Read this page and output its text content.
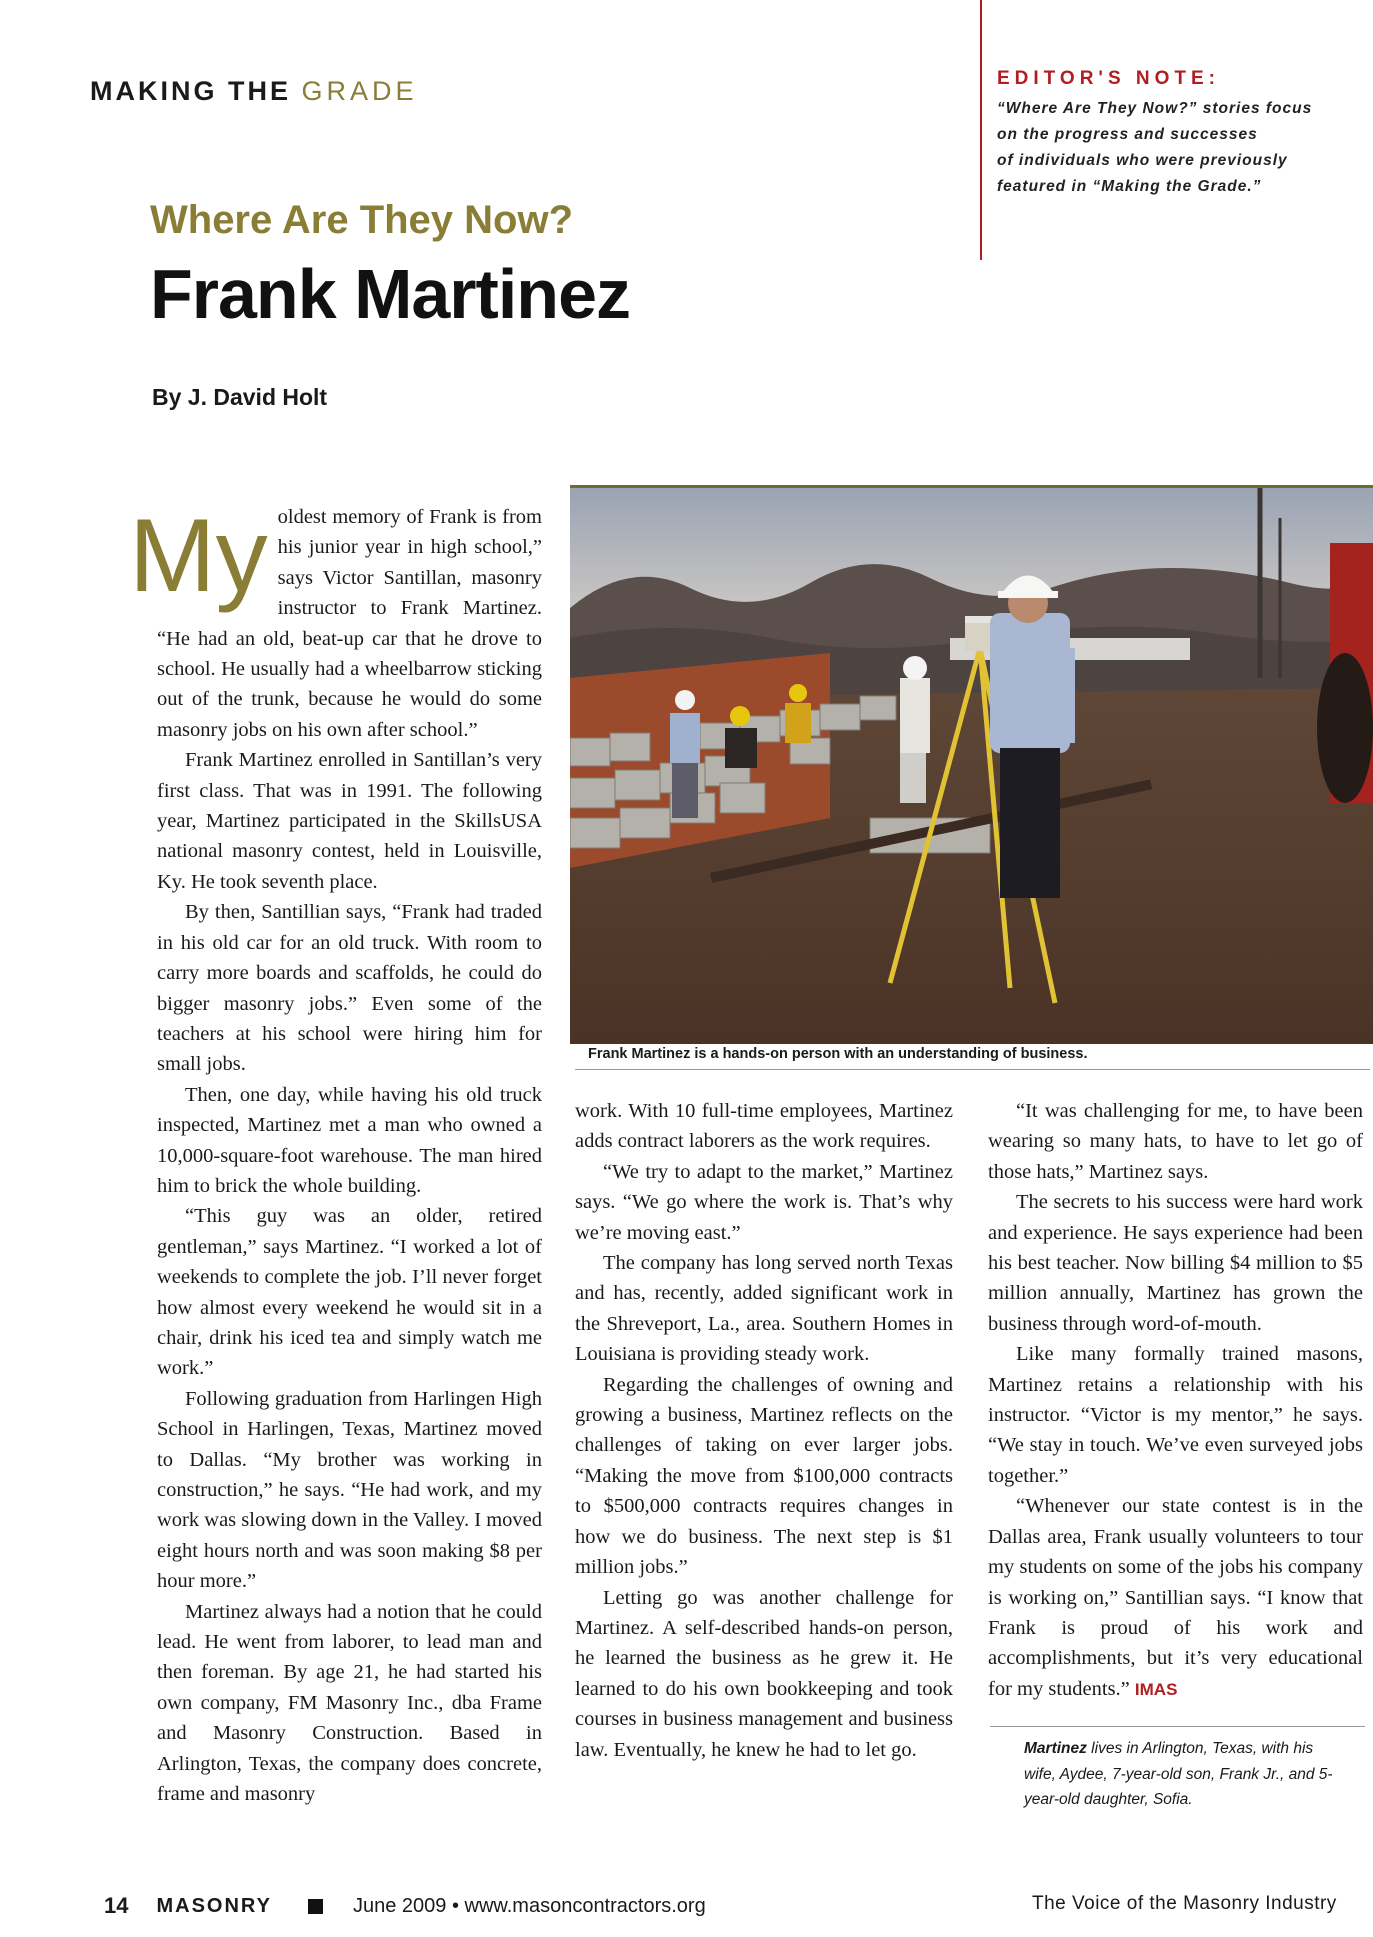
MAKING THE GRADE	EDITOR'S NOTE:
“Where Are They Now?” stories focus
on the progress and successes
of individuals who were previously
featured in “Making the Grade.”
Where Are They Now?
Frank Martinez
By J. David Holt
Frank Martinez is a hands-on person with an understanding of business.
My oldest memory of Frank is from his junior year in high school,” says Victor Santillan, masonry instructor to Frank Martinez. “He had an old, beat-up car that he drove to school. He usually had a wheelbarrow sticking out of the trunk, because he would do some masonry jobs on his own after school.”

Frank Martinez enrolled in Santillan’s very first class. That was in 1991. The following year, Martinez participated in the SkillsUSA national masonry contest, held in Louisville, Ky. He took seventh place.

By then, Santillian says, “Frank had traded in his old car for an old truck. With room to carry more boards and scaffolds, he could do bigger masonry jobs.” Even some of the teachers at his school were hiring him for small jobs.

Then, one day, while having his old truck inspected, Martinez met a man who owned a 10,000-square-foot warehouse. The man hired him to brick the whole building.

“This guy was an older, retired gentleman,” says Martinez. “I worked a lot of weekends to complete the job. I’ll never forget how almost every weekend he would sit in a chair, drink his iced tea and simply watch me work.”

Following graduation from Harlingen High School in Harlingen, Texas, Martinez moved to Dallas. “My brother was working in construction,” he says. “He had work, and my work was slowing down in the Valley. I moved eight hours north and was soon making $8 per hour more.”

Martinez always had a notion that he could lead. He went from laborer, to lead man and then foreman. By age 21, he had started his own company, FM Masonry Inc., dba Frame and Masonry Construction. Based in Arlington, Texas, the company does concrete, frame and masonry

work. With 10 full-time employees, Martinez adds contract laborers as the work requires.

“We try to adapt to the market,” Martinez says. “We go where the work is. That’s why we’re moving east.”

The company has long served north Texas and has, recently, added significant work in the Shreveport, La., area. Southern Homes in Louisiana is providing steady work.

Regarding the challenges of owning and growing a business, Martinez reflects on the challenges of taking on ever larger jobs. “Making the move from $100,000 contracts to $500,000 contracts requires changes in how we do business. The next step is $1 million jobs.”

Letting go was another challenge for Martinez. A self-described hands-on person, he learned the business as he grew it. He learned to do his own bookkeeping and took courses in business management and business law. Eventually, he knew he had to let go.

“It was challenging for me, to have been wearing so many hats, to have to let go of those hats,” Martinez says.

The secrets to his success were hard work and experience. He says experience had been his best teacher. Now billing $4 million to $5 million annually, Martinez has grown the business through word-of-mouth.

Like many formally trained masons, Martinez retains a relationship with his instructor. “Victor is my mentor,” he says. “We stay in touch. We’ve even surveyed jobs together.”

“Whenever our state contest is in the Dallas area, Frank usually volunteers to tour my students on some of the jobs his company is working on,” Santillian says. “I know that Frank is proud of his work and accomplishments, but it’s very educational for my students.” IMAS

Martinez lives in Arlington, Texas, with his wife, Aydee, 7-year-old son, Frank Jr., and 5-year-old daughter, Sofia.
14 MASONRY	June 2009 • www.masoncontractors.org	The Voice of the Masonry Industry
